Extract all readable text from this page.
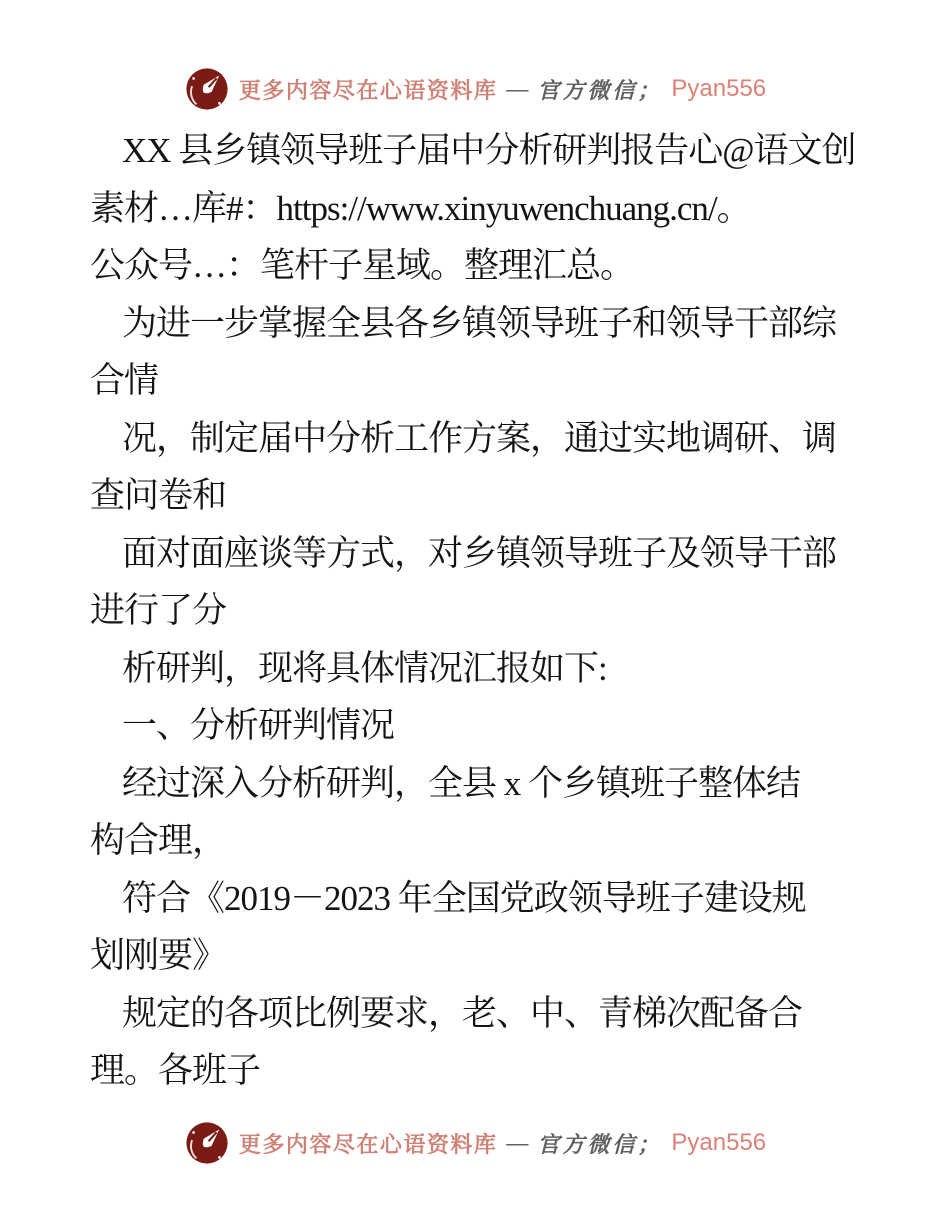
更多内容尽在心语资料库 — 官方微信； Pyan556
XX 县乡镇领导班子届中分析研判报告心@语文创
素材…库#：https://www.xinyuwenchuang.cn/。
公众号…：笔杆子星域。整理汇总。
为进一步掌握全县各乡镇领导班子和领导干部综
合情
况，制定届中分析工作方案，通过实地调研、调
查问卷和
面对面座谈等方式，对乡镇领导班子及领导干部
进行了分
析研判，现将具体情况汇报如下:
一、分析研判情况
经过深入分析研判，全县 x 个乡镇班子整体结
构合理，
符合《2019－2023 年全国党政领导班子建设规
划刚要》
规定的各项比例要求，老、中、青梯次配备合
理。各班子
更多内容尽在心语资料库 — 官方微信； Pyan556
